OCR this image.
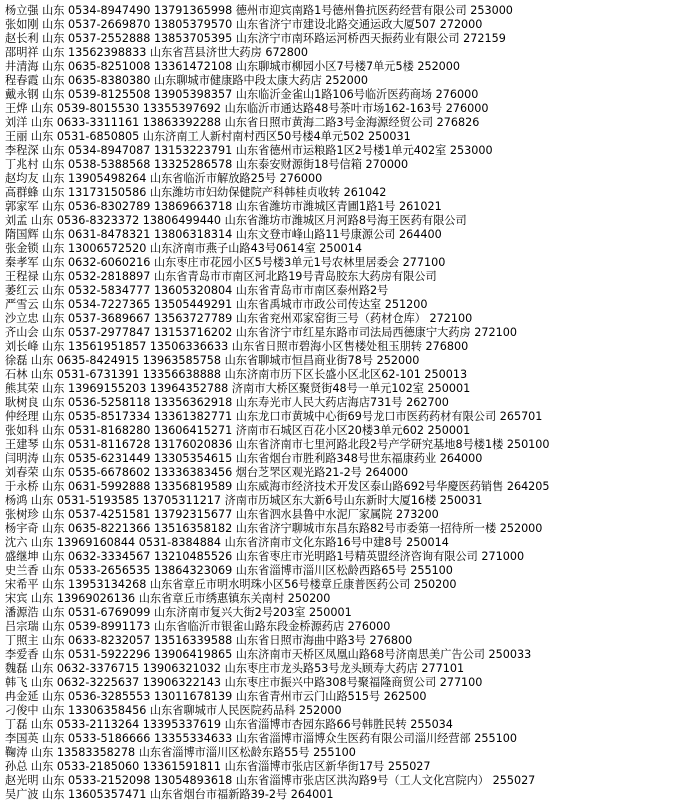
杨立强 山东 0534-8947490 13791365998 德州市迎宾南路1号德州鲁抗医药经营有限公司 253000
张如刚 山东 0537-2669870 13805379570 山东省济宁市建设北路交通运政大厦507 272000
赵长利 山东 0537-2552888 13853705395 山东济宁市南环路运河桥西天振药业有限公司 272159
邵明祥 山东 13562398833 山东省莒县济世大药房 672800
井清海 山东 0635-8251008 13361472108 山东聊城市柳园小区7号楼7单元5楼 252000
程春霞 山东 0635-8380380 山东聊城市健康路中段太康大药店 252000
戴永钢 山东 0539-8125508 13905398357 山东临沂金雀山1路106号临沂医药商场 276000
王烨 山东 0539-8015530 13355397692 山东临沂市通达路48号茶叶市场162-163号 276000
刘洋 山东 0633-3311161 13863392288 山东省日照市黄海二路3号金海源经贸公司 276826
王丽 山东 0531-6850805 山东济南工人新村南村西区50号楼4单元502 250031
李程深 山东 0534-8947087 13153223791 山东省德州市运粮路1区2号楼1单元402室 253000
丁兆村 山东 0538-5388568 13325286578 山东泰安财源街18号信箱 270000
赵均友 山东 13905498264 山东省临沂市解放路25号 276000
高群蜂 山东 13173150586 山东潍坊市妇幼保健院产科韩桂贞收转 261042
郭家军 山东 0536-8302789 13869663718 山东省潍坊市潍城区青圃1路1号 261021
刘孟 山东 0536-8323372 13806499440 山东省潍坊市潍城区月河路8号海王医药有限公司
隋国辉 山东 0631-8478321 13806318314 山东文登市峰山路11号康源公司 264400
张金锁 山东 13006572520 山东济南市燕子山路43号0614室 250014
秦孝军 山东 0632-6060216 山东枣庄市花园小区5号楼3单元1号农林里居委会 277100
王程禄 山东 0532-2818897 山东省青岛市市南区河北路19号青岛胶东大药房有限公司
萎红云 山东 0532-5834777 13605320804 山东省青岛市市南区泰州路2号
严雪云 山东 0534-7227365 13505449291 山东省禹城市市政公司传达室 251200
沙立忠 山东 0537-3689667 13563727789 山东省兖州邓家窑街三号（药材仓库） 272100
齐山会 山东 0537-2977847 13153716202 山东省济宁市红星东路市司法局西德康宁大药房 272100
刘长峰 山东 13561951857 13506336633 山东省日照市碧海小区售楼处租玉朋转 276800
徐磊 山东 0635-8424915 13963585758 山东省聊城市恒昌商业街78号 252000
石林 山东 0531-6731391 13356638888 山东济南市历下区长盛小区北区62-101 250013
熊其荣 山东 13969155203 13964352788 济南市大桥区聚贤街48号一单元102室 250001
耿树良 山东 0536-5258118 13356362918 山东寿光市人民大药店海店731号 262700
仲经理 山东 0535-8517334 13361382771 山东龙口市黄城中心街69号龙口市医药药材有限公司 265701
张如科 山东 0531-8168280 13606415271 济南市石城区百花小区20楼3单元602 250001
王建琴 山东 0531-8116728 13176020836 山东省济南市七里河路北段2号产学研究基地8号楼1楼 250100
闫明涛 山东 0535-6231449 13305354615 山东省烟台市胜利路348号世东福康药业 264000
刘春荣 山东 0535-6678602 13336383456 烟台芝罘区观光路21-2号 264000
于永桥 山东 0631-5992888 13356819589 山东威海市经济技术开发区泰山路692号华慶医药销售 264205
杨鸿 山东 0531-5193585 13705311217 济南市历城区东大新6号山东新时大厦16楼 250031
张树珍 山东 0537-4251581 13792315677 山东省泗水县鲁中水泥厂家属院 273200
杨宇奇 山东 0635-8221366 13516358182 山东省济宁聊城市东昌东路82号市委第一招待所一楼 252000
沈六 山东 13969160844 0531-8384884 山东省济南市文化东路16号中建8号 250014
盛继坤 山东 0632-3334567 13210485526 山东省枣庄市光明路1号精英盟经济咨询有限公司 271000
史兰香 山东 0533-2656535 13864323069 山东省淄博市淄川区松龄西路65号 255100
宋希平 山东 13953134268 山东省章丘市明水明珠小区56号楼章丘康普医药公司 250200
宋宾 山东 13969026136 山东省章丘市绣惠镇东关南村 250200
潘源浩 山东 0531-6769099 山东济南市复兴大街2号203室 250001
吕宗瑞 山东 0539-8991173 山东省临沂市银雀山路东段金桥源药店 276000
丁照主 山东 0633-8232057 13516339588 山东省日照市海曲中路3号 276800
李爱香 山东 0531-5922296 13906419865 山东济南市天桥区凤凰山路68号济南思美广告公司 250033
魏磊 山东 0632-3376715 13906321032 山东枣庄市龙头路53号龙头顾寿大药店 277101
韩飞 山东 0632-3225637 13906322143 山东枣庄市振兴中路308号聚福隆商贸公司 277100
冉金延 山东 0536-3285553 13011678139 山东省青州市云门山路515号 262500
刁俊中 山东 13306358456 山东省聊城市人民医院药品科 252000
丁磊 山东 0533-2113264 13395337619 山东省淄博市杏园东路66号韩胜民转 255034
李国英 山东 0533-5186666 13355334633 山东省淄博市淄博众生医药有限公司淄川经营部 255100
鞠涛 山东 13583358278 山东省淄博市淄川区松龄东路55号 255100
孙总 山东 0533-2185060 13361591811 山东省淄博市张店区新华街17号 255027
赵光明 山东 0533-2152098 13054893618 山东省淄博市张店区洪沟路9号（工人文化宫院内） 255027
吴广波 山东 13605357471 山东省烟台市福新路39-2号 264001
